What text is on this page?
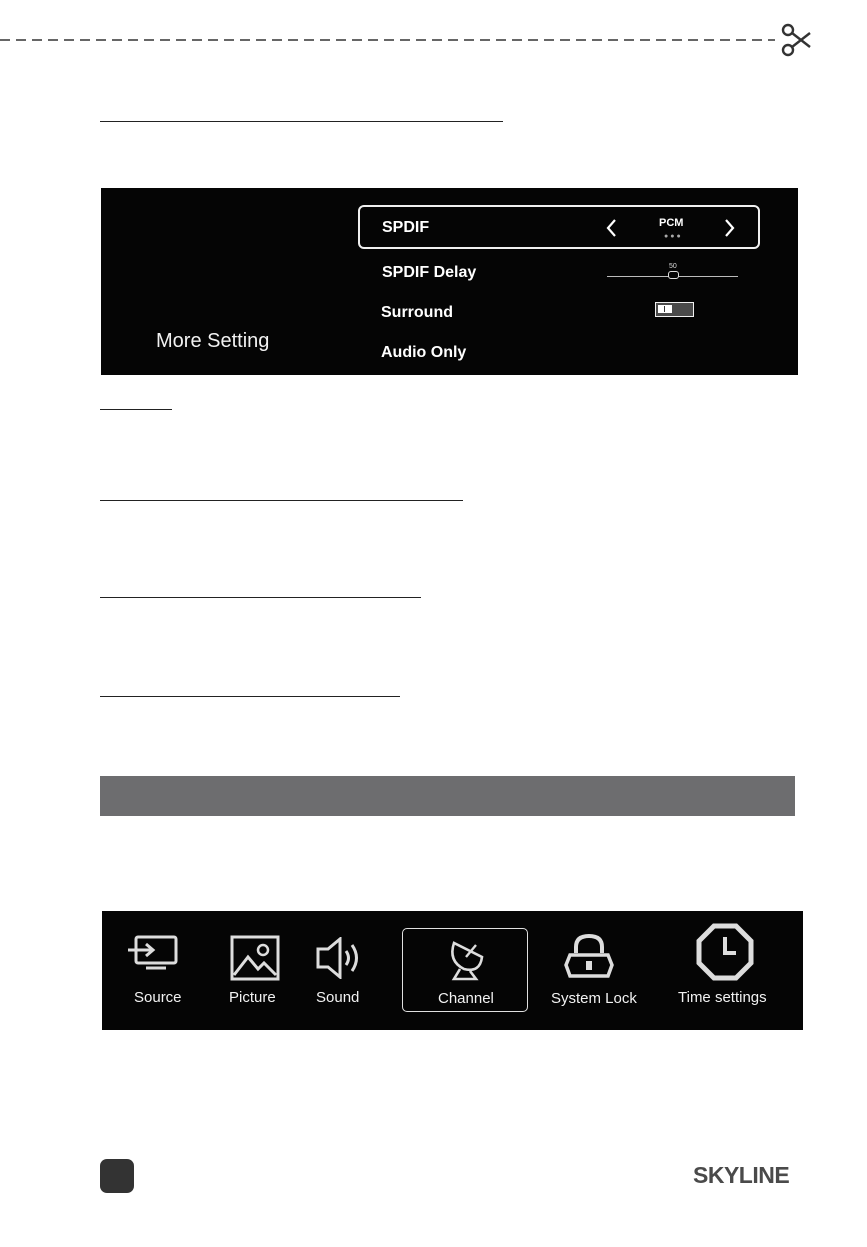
More Setting
SPDIF	PCM
●●●
SPDIF Delay	50
Surround
Audio Only
Source	Picture	Sound	Channel	System Lock	Time settings
SKYLINE
